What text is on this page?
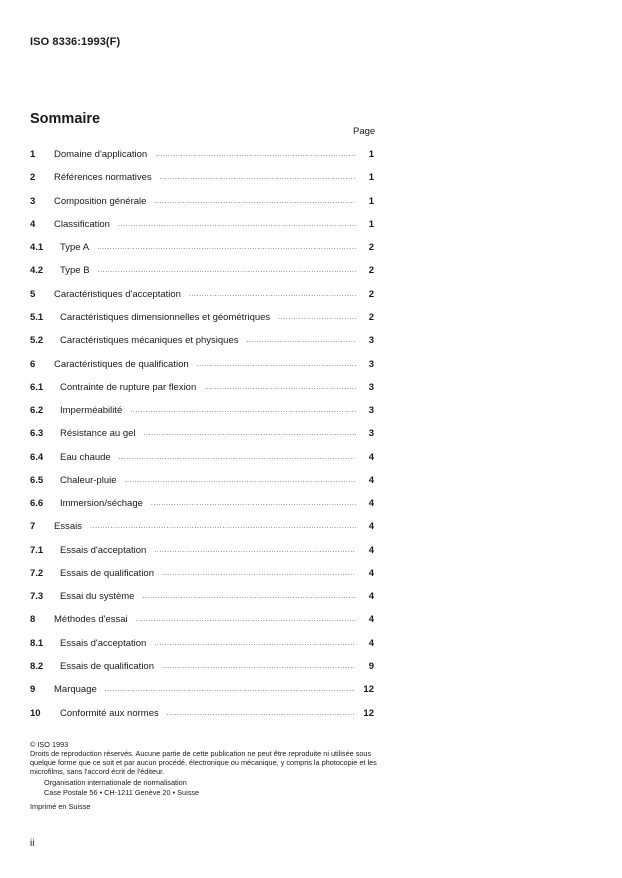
ISO 8336:1993(F)
Sommaire
Page
1	Domaine d'application .....	1
2	Références normatives .....	1
3	Composition générale .....	1
4	Classification .....	1
4.1	Type A .....	2
4.2	Type B .....	2
5	Caractéristiques d'acceptation .....	2
5.1	Caractéristiques dimensionnelles et géométriques .....	2
5.2	Caractéristiques mécaniques et physiques .....	3
6	Caractéristiques de qualification .....	3
6.1	Contrainte de rupture par flexion .....	3
6.2	Imperméabilité .....	3
6.3	Résistance au gel .....	3
6.4	Eau chaude .....	4
6.5	Chaleur-pluie .....	4
6.6	Immersion/séchage .....	4
7	Essais .....	4
7.1	Essais d'acceptation .....	4
7.2	Essais de qualification .....	4
7.3	Essai du système .....	4
8	Méthodes d'essai .....	4
8.1	Essais d'acceptation .....	4
8.2	Essais de qualification .....	9
9	Marquage .....	12
10	Conformité aux normes .....	12
© ISO 1993
Droits de reproduction réservés. Aucune partie de cette publication ne peut être reproduite ni utilisée sous quelque forme que ce soit et par aucun procédé, électronique ou mécanique, y compris la photocopie et les microfilms, sans l'accord écrit de l'éditeur.
Organisation internationale de normalisation
Case Postale 56 • CH-1211 Genève 20 • Suisse
Imprimé en Suisse
ii
